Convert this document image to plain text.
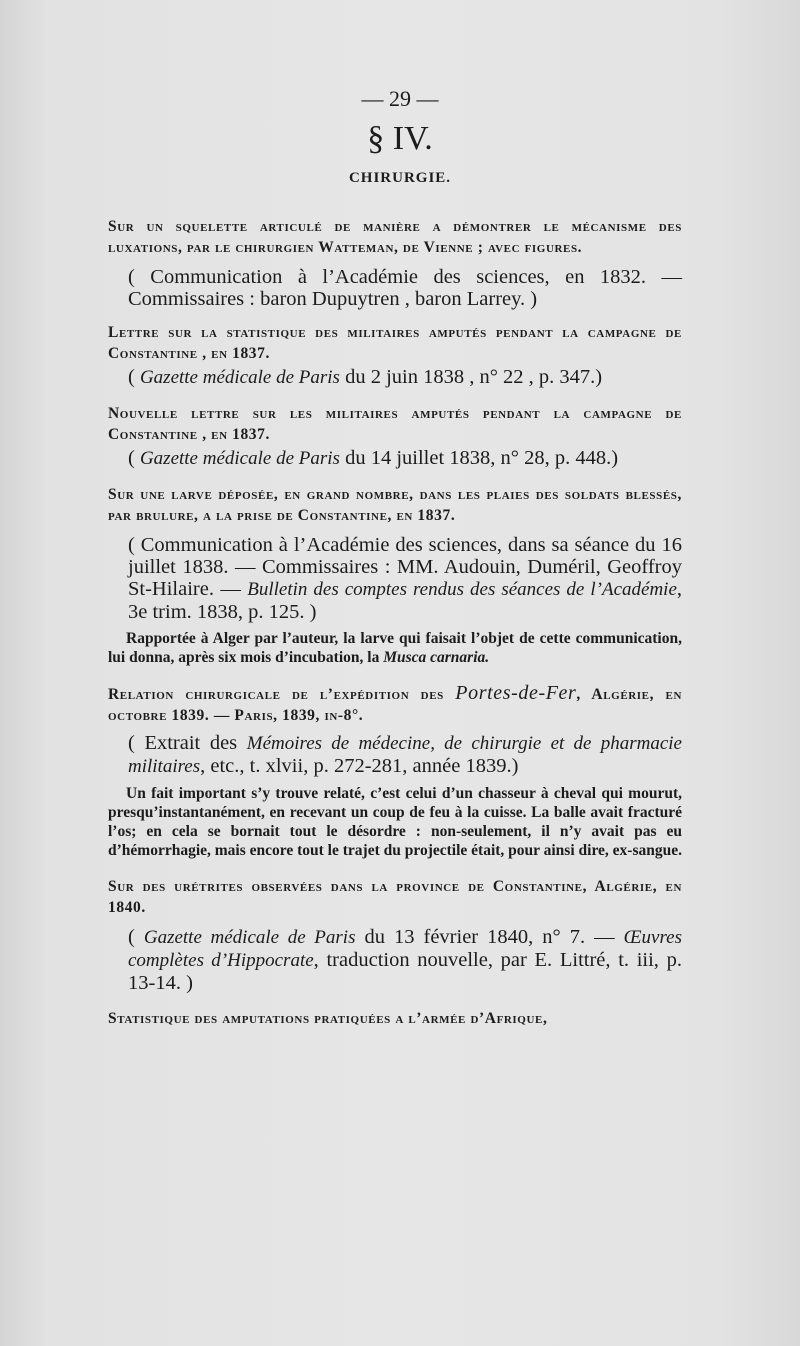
— 29 —
§ IV.
CHIRURGIE.

Sur un squelette articulé de manière a démontrer le mécanisme des luxations, par le chirurgien Watteman, de Vienne ; avec figures.

( Communication à l’Académie des sciences, en 1832. — Commissaires : baron Dupuytren , baron Larrey. )

Lettre sur la statistique des militaires amputés pendant la campagne de Constantine , en 1837.

( Gazette médicale de Paris du 2 juin 1838 , n° 22 , p. 347.)

Nouvelle lettre sur les militaires amputés pendant la campagne de Constantine , en 1837.

( Gazette médicale de Paris du 14 juillet 1838, n° 28, p. 448.)

Sur une larve déposée, en grand nombre, dans les plaies des soldats blessés, par brulure, a la prise de Constantine, en 1837.

( Communication à l’Académie des sciences, dans sa séance du 16 juillet 1838. — Commissaires : MM. Audouin, Duméril, Geoffroy St-Hilaire. — Bulletin des comptes rendus des séances de l’Académie, 3e trim. 1838, p. 125. )

Rapportée à Alger par l’auteur, la larve qui faisait l’objet de cette communication, lui donna, après six mois d’incubation, la Musca carnaria.

Relation chirurgicale de l’expédition des Portes-de-Fer, Algérie, en octobre 1839. — Paris, 1839, in-8°.

( Extrait des Mémoires de médecine, de chirurgie et de pharmacie militaires, etc., t. xlvii, p. 272-281, année 1839.)

Un fait important s’y trouve relaté, c’est celui d’un chasseur à cheval qui mourut, presqu’instantanément, en recevant un coup de feu à la cuisse. La balle avait fracturé l’os; en cela se bornait tout le désordre : non-seulement, il n’y avait pas eu d’hémorrhagie, mais encore tout le trajet du projectile était, pour ainsi dire, ex-sangue.

Sur des urétrites observées dans la province de Constantine, Algérie, en 1840.

( Gazette médicale de Paris du 13 février 1840, n° 7. — Œuvres complètes d’Hippocrate, traduction nouvelle, par E. Littré, t. iii, p. 13-14. )

Statistique des amputations pratiquées a l’armée d’Afrique,
